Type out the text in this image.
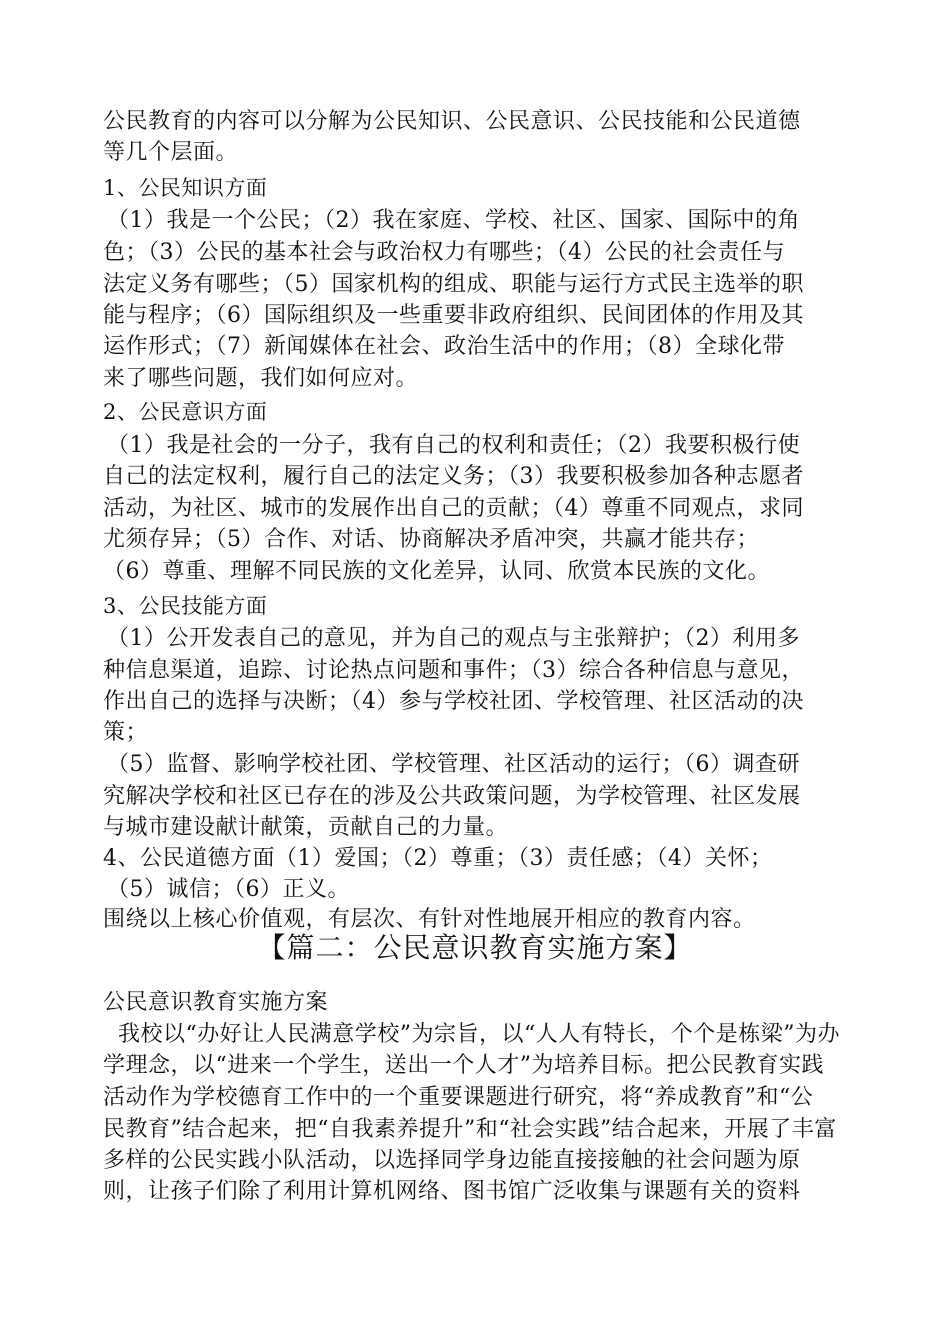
公民教育的内容可以分解为公民知识、公民意识、公民技能和公民道德
等几个层面。
1、公民知识方面
（1）我是一个公民；（2）我在家庭、学校、社区、国家、国际中的角
色；（3）公民的基本社会与政治权力有哪些；（4）公民的社会责任与
法定义务有哪些；（5）国家机构的组成、职能与运行方式民主选举的职
能与程序；（6）国际组织及一些重要非政府组织、民间团体的作用及其
运作形式；（7）新闻媒体在社会、政治生活中的作用；（8）全球化带
来了哪些问题，我们如何应对。
2、公民意识方面
（1）我是社会的一分子，我有自己的权利和责任；（2）我要积极行使
自己的法定权利，履行自己的法定义务；（3）我要积极参加各种志愿者
活动，为社区、城市的发展作出自己的贡献；（4）尊重不同观点，求同
尤须存异；（5）合作、对话、协商解决矛盾冲突，共赢才能共存；
（6）尊重、理解不同民族的文化差异，认同、欣赏本民族的文化。
3、公民技能方面
（1）公开发表自己的意见，并为自己的观点与主张辩护；（2）利用多
种信息渠道，追踪、讨论热点问题和事件；（3）综合各种信息与意见，
作出自己的选择与决断；（4）参与学校社团、学校管理、社区活动的决
策；
（5）监督、影响学校社团、学校管理、社区活动的运行；（6）调查研
究解决学校和社区已存在的涉及公共政策问题，为学校管理、社区发展
与城市建设献计献策，贡献自己的力量。
4、公民道德方面（1）爱国；（2）尊重；（3）责任感；（4）关怀；
（5）诚信；（6）正义。
围绕以上核心价值观，有层次、有针对性地展开相应的教育内容。
【篇二：公民意识教育实施方案】
公民意识教育实施方案
我校以“办好让人民满意学校”为宗旨，以“人人有特长，个个是栋梁”为办
学理念，以“进来一个学生，送出一个人才”为培养目标。把公民教育实践
活动作为学校德育工作中的一个重要课题进行研究，将“养成教育”和“公
民教育”结合起来，把“自我素养提升”和“社会实践”结合起来，开展了丰富
多样的公民实践小队活动，以选择同学身边能直接接触的社会问题为原
则，让孩子们除了利用计算机网络、图书馆广泛收集与课题有关的资料
